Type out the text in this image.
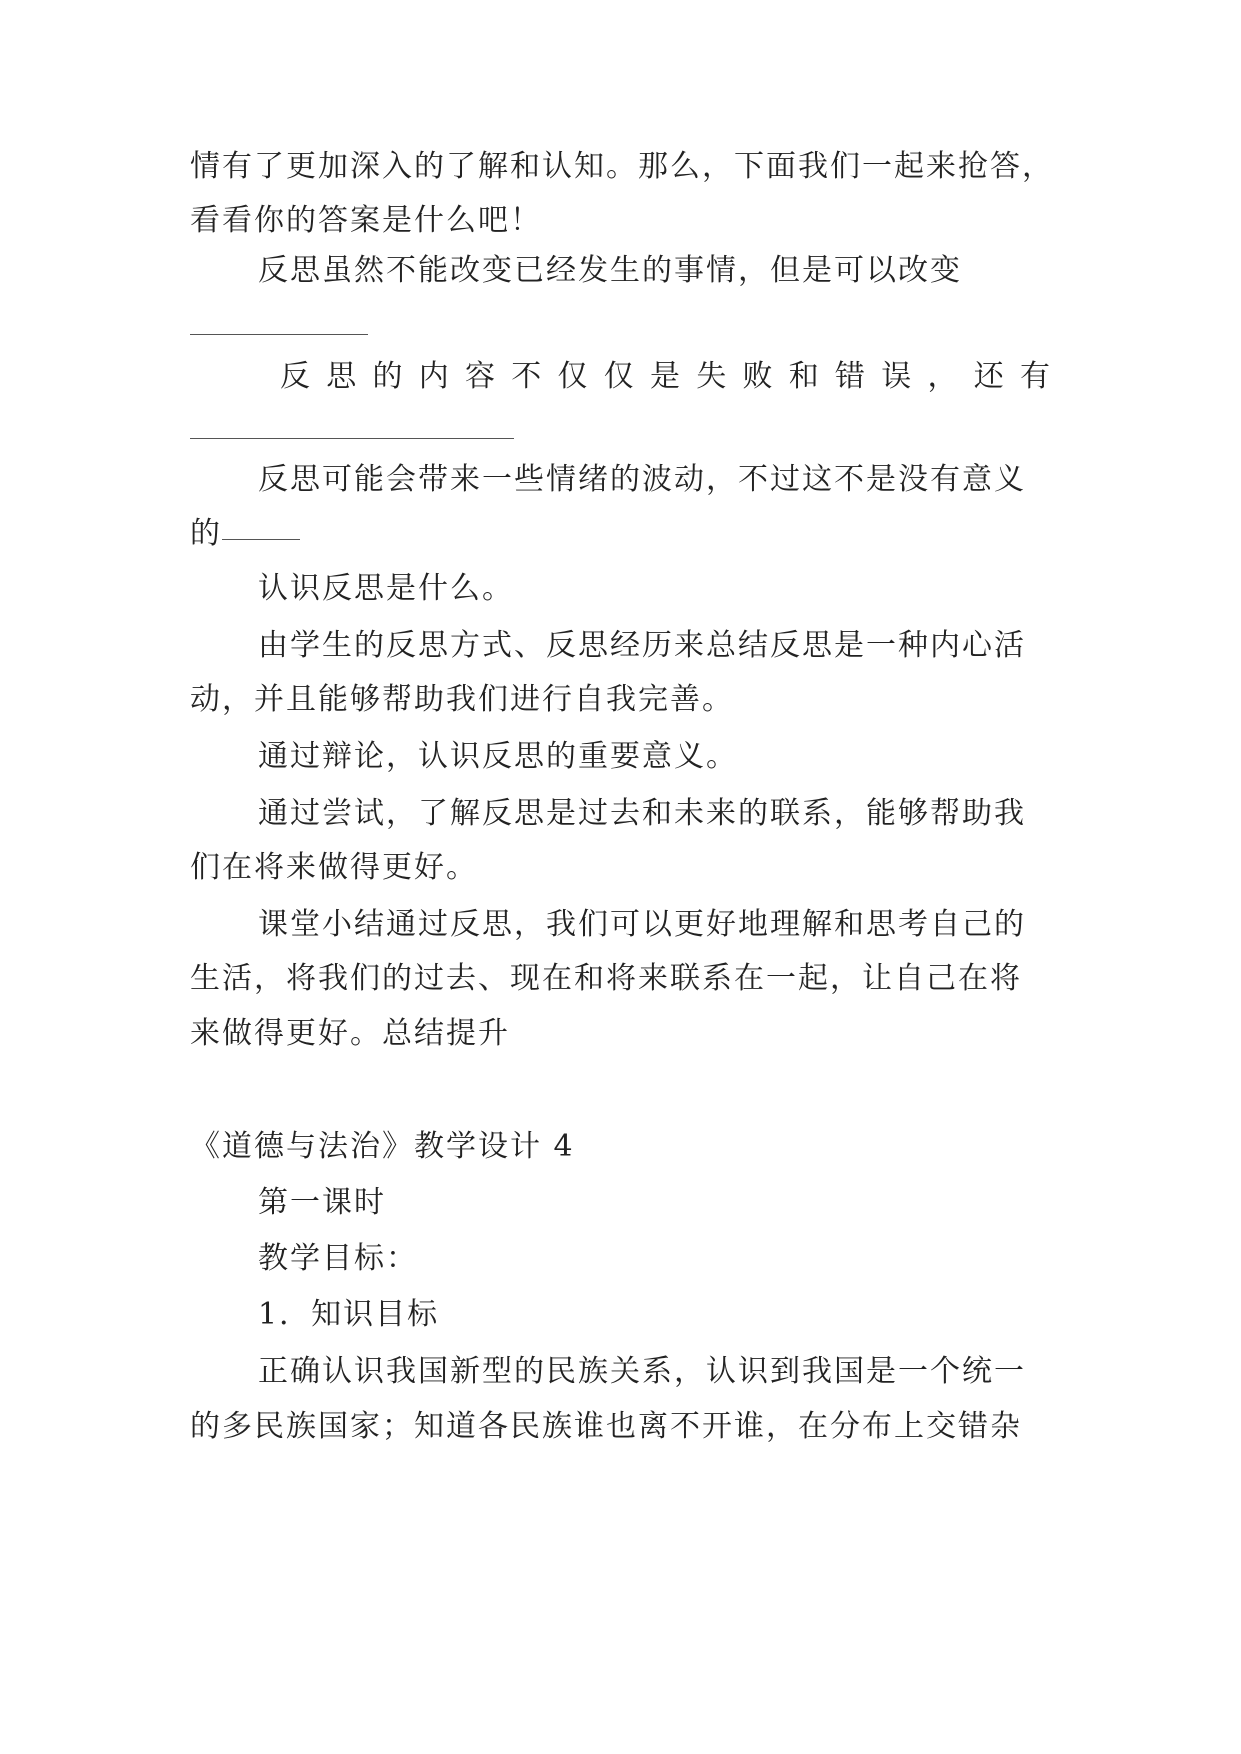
情有了更加深入的了解和认知。那么，下面我们一起来抢答，
看看你的答案是什么吧！
反思虽然不能改变已经发生的事情，但是可以改变
反 思 的 内 容 不 仅 仅 是 失 败 和 错 误 ， 还 有
反思可能会带来一些情绪的波动，不过这不是没有意义
的
认识反思是什么。
由学生的反思方式、反思经历来总结反思是一种内心活
动，并且能够帮助我们进行自我完善。
通过辩论，认识反思的重要意义。
通过尝试，了解反思是过去和未来的联系，能够帮助我
们在将来做得更好。
课堂小结通过反思，我们可以更好地理解和思考自己的
生活，将我们的过去、现在和将来联系在一起，让自己在将
来做得更好。总结提升
《道德与法治》教学设计 4
第一课时
教学目标：
1．知识目标
正确认识我国新型的民族关系，认识到我国是一个统一
的多民族国家；知道各民族谁也离不开谁，在分布上交错杂
